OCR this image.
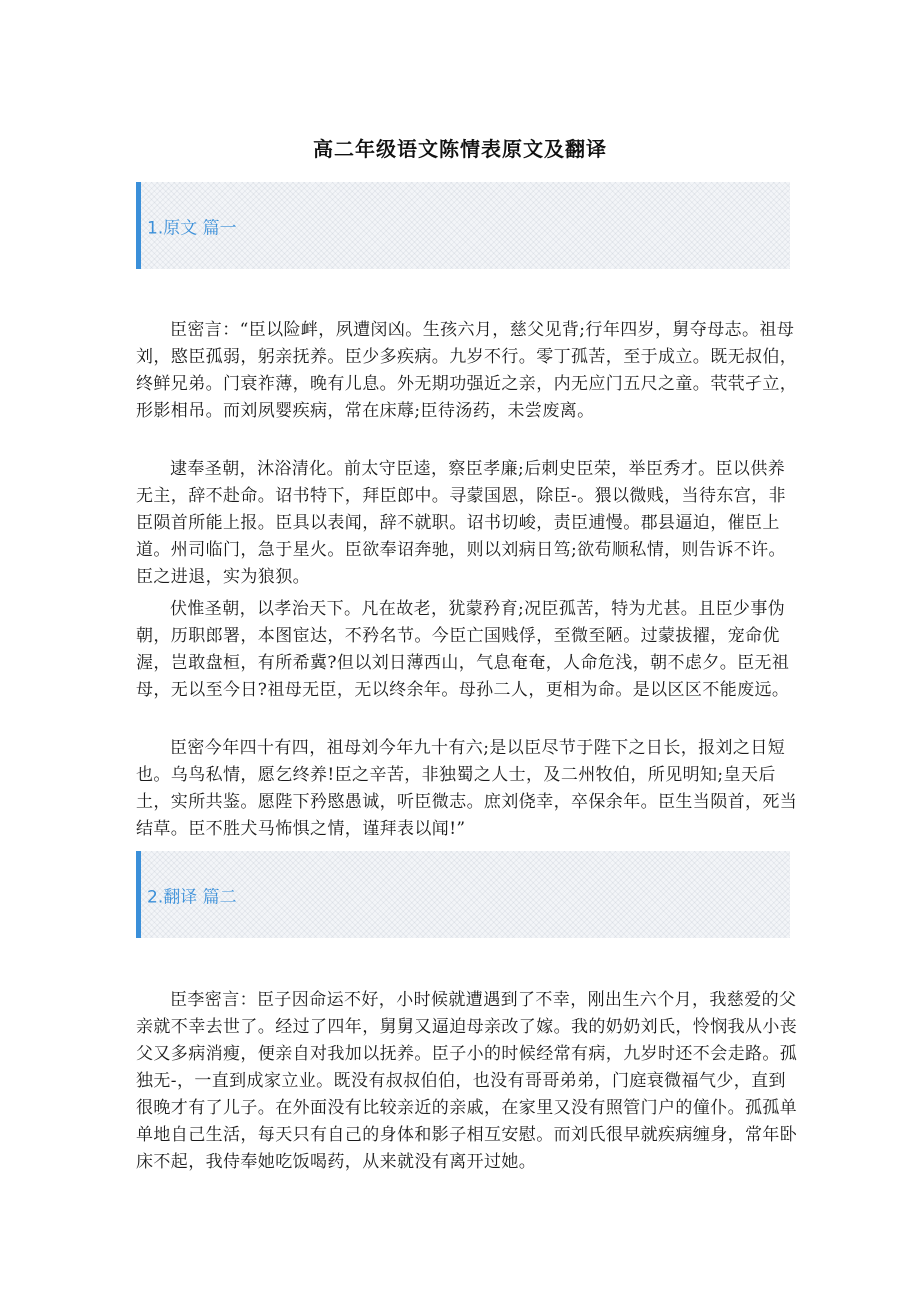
高二年级语文陈情表原文及翻译
1.原文 篇一

臣密言：“臣以险衅，夙遭闵凶。生孩六月，慈父见背;行年四岁，舅夺母志。祖母刘，愍臣孤弱，躬亲抚养。臣少多疾病。九岁不行。零丁孤苦，至于成立。既无叔伯，终鲜兄弟。门衰祚薄，晚有儿息。外无期功强近之亲，内无应门五尺之童。茕茕孑立，形影相吊。而刘夙婴疾病，常在床蓐;臣待汤药，未尝废离。

逮奉圣朝，沐浴清化。前太守臣逵，察臣孝廉;后刺史臣荣，举臣秀才。臣以供养无主，辞不赴命。诏书特下，拜臣郎中。寻蒙国恩，除臣-。猥以微贱，当待东宫，非臣陨首所能上报。臣具以表闻，辞不就职。诏书切峻，责臣逋慢。郡县逼迫，催臣上道。州司临门，急于星火。臣欲奉诏奔驰，则以刘病日笃;欲苟顺私情，则告诉不许。臣之进退，实为狼狈。

伏惟圣朝，以孝治天下。凡在故老，犹蒙矜育;况臣孤苦，特为尤甚。且臣少事伪朝，历职郎署，本图宦达，不矜名节。今臣亡国贱俘，至微至陋。过蒙拔擢，宠命优渥，岂敢盘桓，有所希冀?但以刘日薄西山，气息奄奄，人命危浅，朝不虑夕。臣无祖母，无以至今日?祖母无臣，无以终余年。母孙二人，更相为命。是以区区不能废远。

臣密今年四十有四，祖母刘今年九十有六;是以臣尽节于陛下之日长，报刘之日短也。乌鸟私情，愿乞终养!臣之辛苦，非独蜀之人士，及二州牧伯，所见明知;皇天后土，实所共鉴。愿陛下矜愍愚诚，听臣微志。庶刘侥幸，卒保余年。臣生当陨首，死当结草。臣不胜犬马怖惧之情，谨拜表以闻!”

2.翻译 篇二

臣李密言：臣子因命运不好，小时候就遭遇到了不幸，刚出生六个月，我慈爱的父亲就不幸去世了。经过了四年，舅舅又逼迫母亲改了嫁。我的奶奶刘氏，怜悯我从小丧父又多病消瘦，便亲自对我加以抚养。臣子小的时候经常有病，九岁时还不会走路。孤独无-，一直到成家立业。既没有叔叔伯伯，也没有哥哥弟弟，门庭衰微福气少，直到很晚才有了儿子。在外面没有比较亲近的亲戚，在家里又没有照管门户的僮仆。孤孤单单地自己生活，每天只有自己的身体和影子相互安慰。而刘氏很早就疾病缠身，常年卧床不起，我侍奉她吃饭喝药，从来就没有离开过她。
